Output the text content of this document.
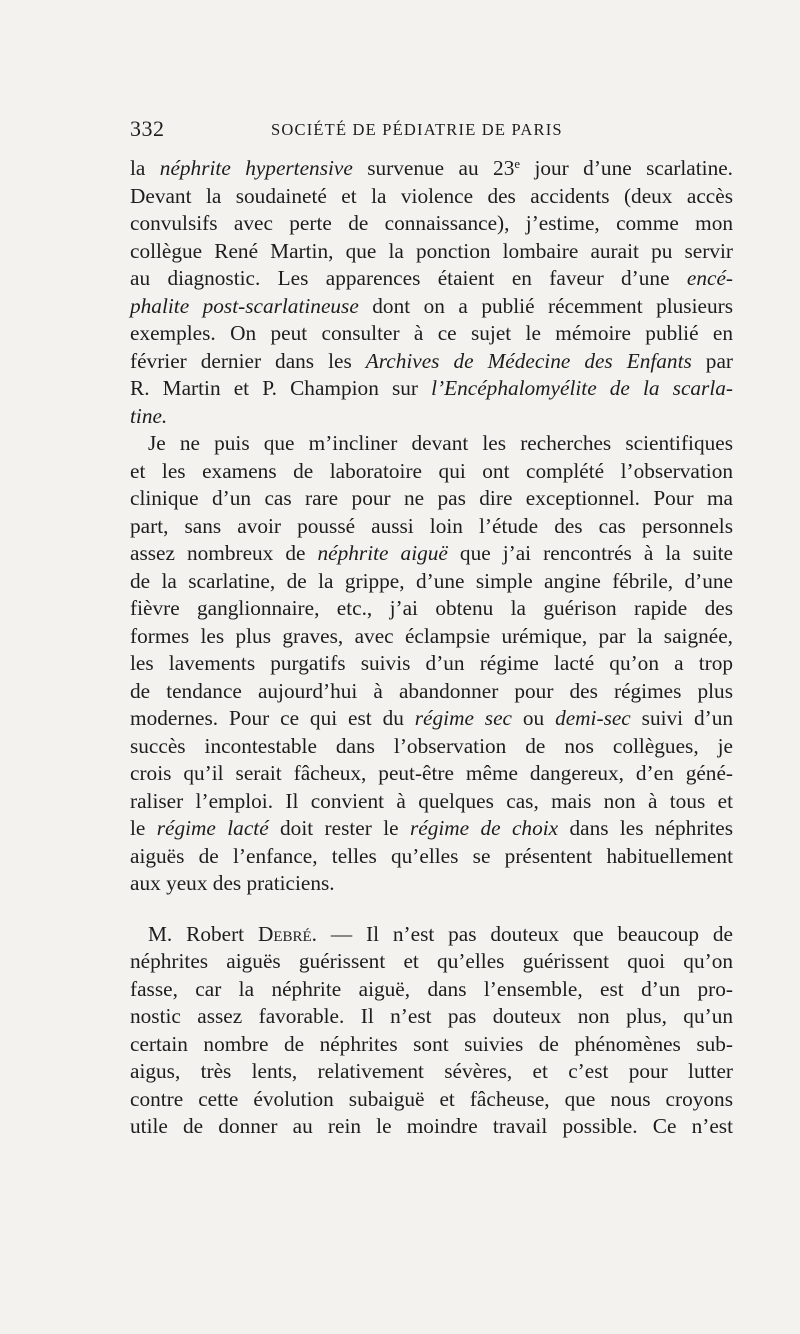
332	SOCIÉTÉ DE PÉDIATRIE DE PARIS
la néphrite hypertensive survenue au 23e jour d’une scarlatine.
Devant la soudaineté et la violence des accidents (deux accès
convulsifs avec perte de connaissance), j’estime, comme mon
collègue René Martin, que la ponction lombaire aurait pu servir
au diagnostic. Les apparences étaient en faveur d’une encé-
phalite post-scarlatineuse dont on a publié récemment plusieurs
exemples. On peut consulter à ce sujet le mémoire publié en
février dernier dans les Archives de Médecine des Enfants par
R. Martin et P. Champion sur l’Encéphalomyélite de la scarla-
tine.
Je ne puis que m’incliner devant les recherches scientifiques
et les examens de laboratoire qui ont complété l’observation
clinique d’un cas rare pour ne pas dire exceptionnel. Pour ma
part, sans avoir poussé aussi loin l’étude des cas personnels
assez nombreux de néphrite aiguë que j’ai rencontrés à la suite
de la scarlatine, de la grippe, d’une simple angine fébrile, d’une
fièvre ganglionnaire, etc., j’ai obtenu la guérison rapide des
formes les plus graves, avec éclampsie urémique, par la saignée,
les lavements purgatifs suivis d’un régime lacté qu’on a trop
de tendance aujourd’hui à abandonner pour des régimes plus
modernes. Pour ce qui est du régime sec ou demi-sec suivi d’un
succès incontestable dans l’observation de nos collègues, je
crois qu’il serait fâcheux, peut-être même dangereux, d’en géné-
raliser l’emploi. Il convient à quelques cas, mais non à tous et
le régime lacté doit rester le régime de choix dans les néphrites
aiguës de l’enfance, telles qu’elles se présentent habituellement
aux yeux des praticiens.
M. Robert Debré. — Il n’est pas douteux que beaucoup de
néphrites aiguës guérissent et qu’elles guérissent quoi qu’on
fasse, car la néphrite aiguë, dans l’ensemble, est d’un pro-
nostic assez favorable. Il n’est pas douteux non plus, qu’un
certain nombre de néphrites sont suivies de phénomènes sub-
aigus, très lents, relativement sévères, et c’est pour lutter
contre cette évolution subaiguë et fâcheuse, que nous croyons
utile de donner au rein le moindre travail possible. Ce n’est
